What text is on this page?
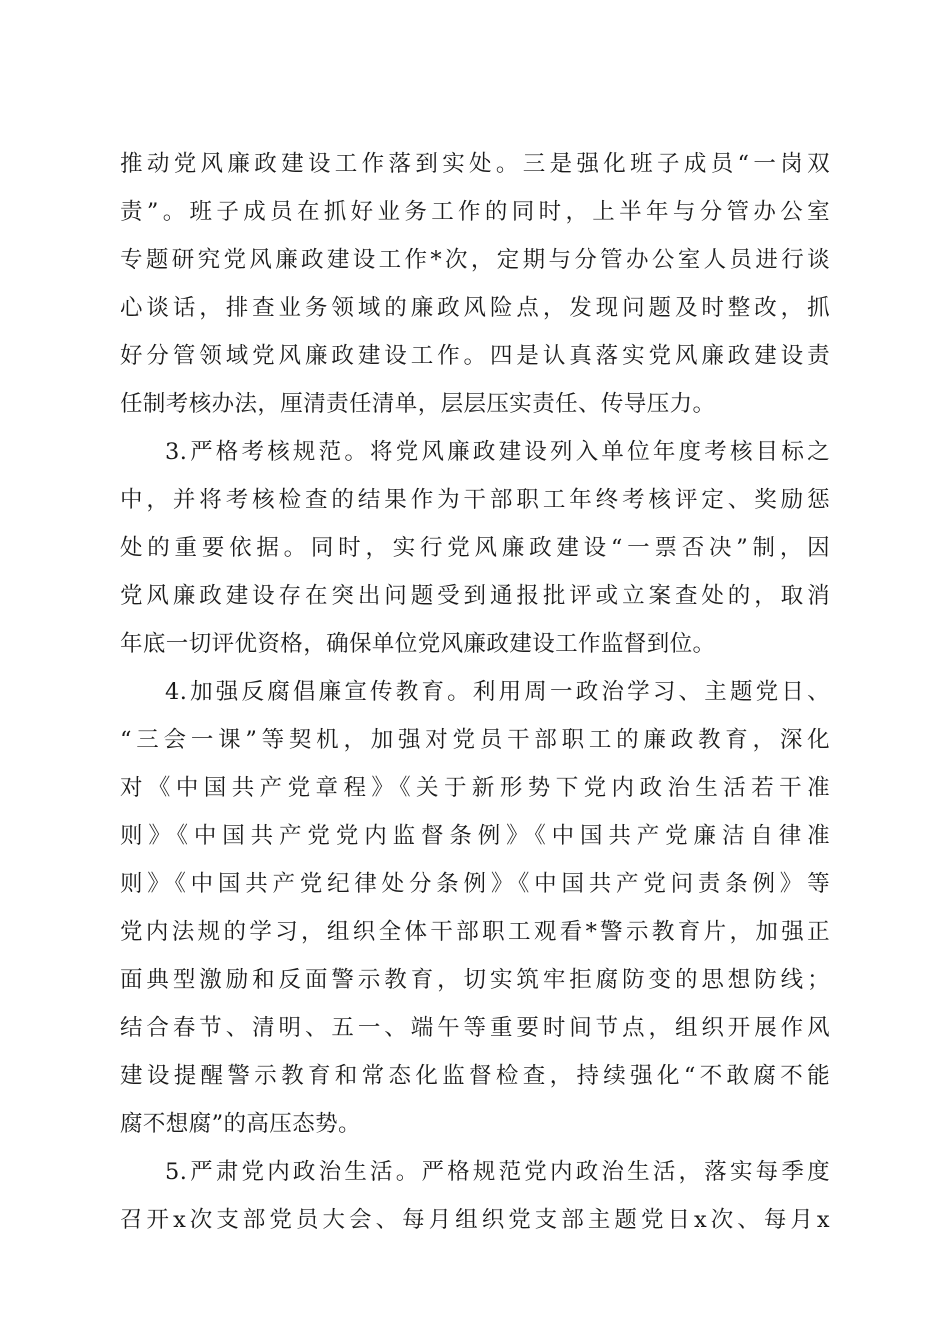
推动党风廉政建设工作落到实处。三是强化班子成员“一岗双
责”。班子成员在抓好业务工作的同时，上半年与分管办公室
专题研究党风廉政建设工作*次，定期与分管办公室人员进行谈
心谈话，排查业务领域的廉政风险点，发现问题及时整改，抓
好分管领域党风廉政建设工作。四是认真落实党风廉政建设责
任制考核办法，厘清责任清单，层层压实责任、传导压力。
3.严格考核规范。将党风廉政建设列入单位年度考核目标之
中，并将考核检查的结果作为干部职工年终考核评定、奖励惩
处的重要依据。同时，实行党风廉政建设“一票否决”制，因
党风廉政建设存在突出问题受到通报批评或立案查处的，取消
年底一切评优资格，确保单位党风廉政建设工作监督到位。
4.加强反腐倡廉宣传教育。利用周一政治学习、主题党日、
“三会一课”等契机，加强对党员干部职工的廉政教育，深化
对《中国共产党章程》《关于新形势下党内政治生活若干准
则》《中国共产党党内监督条例》《中国共产党廉洁自律准
则》《中国共产党纪律处分条例》《中国共产党问责条例》等
党内法规的学习，组织全体干部职工观看*警示教育片，加强正
面典型激励和反面警示教育，切实筑牢拒腐防变的思想防线；
结合春节、清明、五一、端午等重要时间节点，组织开展作风
建设提醒警示教育和常态化监督检查，持续强化“不敢腐不能
腐不想腐”的高压态势。
5.严肃党内政治生活。严格规范党内政治生活，落实每季度
召开x次支部党员大会、每月组织党支部主题党日x次、每月x
